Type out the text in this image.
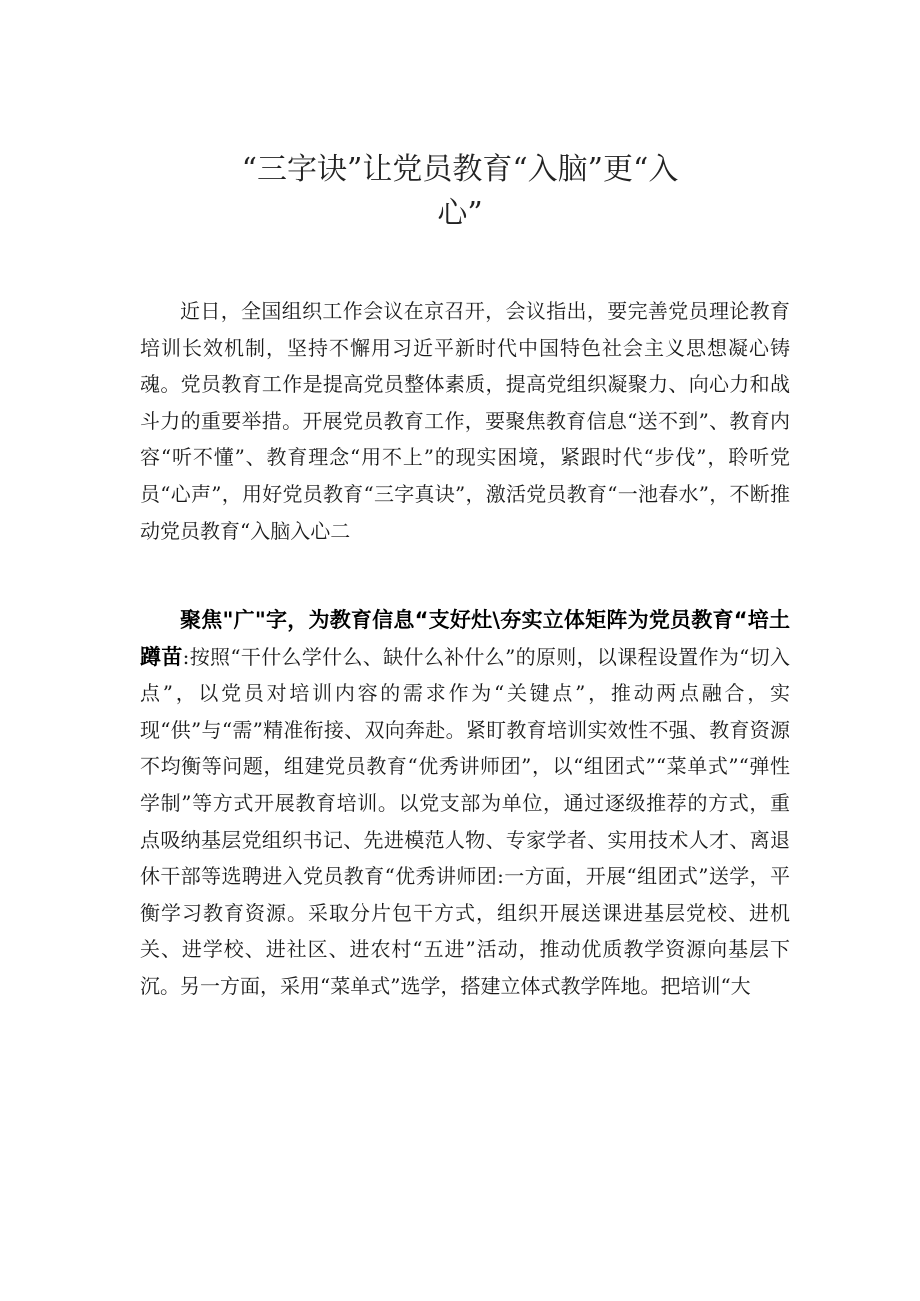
“三字诀”让党员教育“入脑”更“入
心”

近日，全国组织工作会议在京召开，会议指出，要完善党员理论教育培训长效机制，坚持不懈用习近平新时代中国特色社会主义思想凝心铸魂。党员教育工作是提高党员整体素质，提高党组织凝聚力、向心力和战斗力的重要举措。开展党员教育工作，要聚焦教育信息“送不到”、教育内容“听不懂”、教育理念“用不上”的现实困境，紧跟时代“步伐”，聆听党员“心声”，用好党员教育“三字真诀”，激活党员教育“一池春水”，不断推动党员教育“入脑入心二

聚焦"广"字，为教育信息“支好灶\夯实立体矩阵为党员教育“培土蹲苗:按照“干什么学什么、缺什么补什么”的原则，以课程设置作为“切入点”，以党员对培训内容的需求作为“关键点”，推动两点融合，实现“供”与“需”精准衔接、双向奔赴。紧盯教育培训实效性不强、教育资源不均衡等问题，组建党员教育“优秀讲师团”，以“组团式”“菜单式”“弹性学制”等方式开展教育培训。以党支部为单位，通过逐级推荐的方式，重点吸纳基层党组织书记、先进模范人物、专家学者、实用技术人才、离退休干部等选聘进入党员教育“优秀讲师团:一方面，开展“组团式”送学，平衡学习教育资源。采取分片包干方式，组织开展送课进基层党校、进机关、进学校、进社区、进农村“五进”活动，推动优质教学资源向基层下沉。另一方面，采用“菜单式”选学，搭建立体式教学阵地。把培训“大
